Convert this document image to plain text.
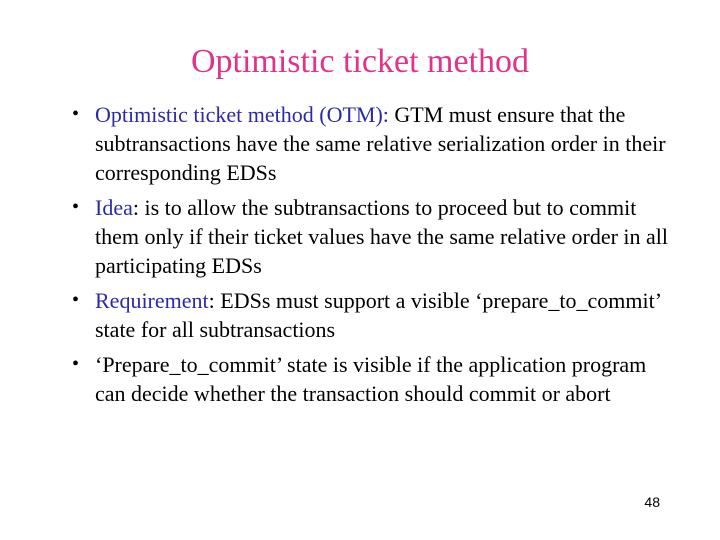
Optimistic ticket method
• Optimistic ticket method (OTM): GTM must ensure that the subtransactions have the same relative serialization order in their corresponding EDSs
• Idea: is to allow the subtransactions to proceed but to commit them only if their ticket values have the same relative order in all participating EDSs
• Requirement: EDSs must support a visible ‘prepare_to_commit’ state for all subtransactions
• ‘Prepare_to_commit’ state is visible if the application program can decide whether the transaction should commit or abort
48
